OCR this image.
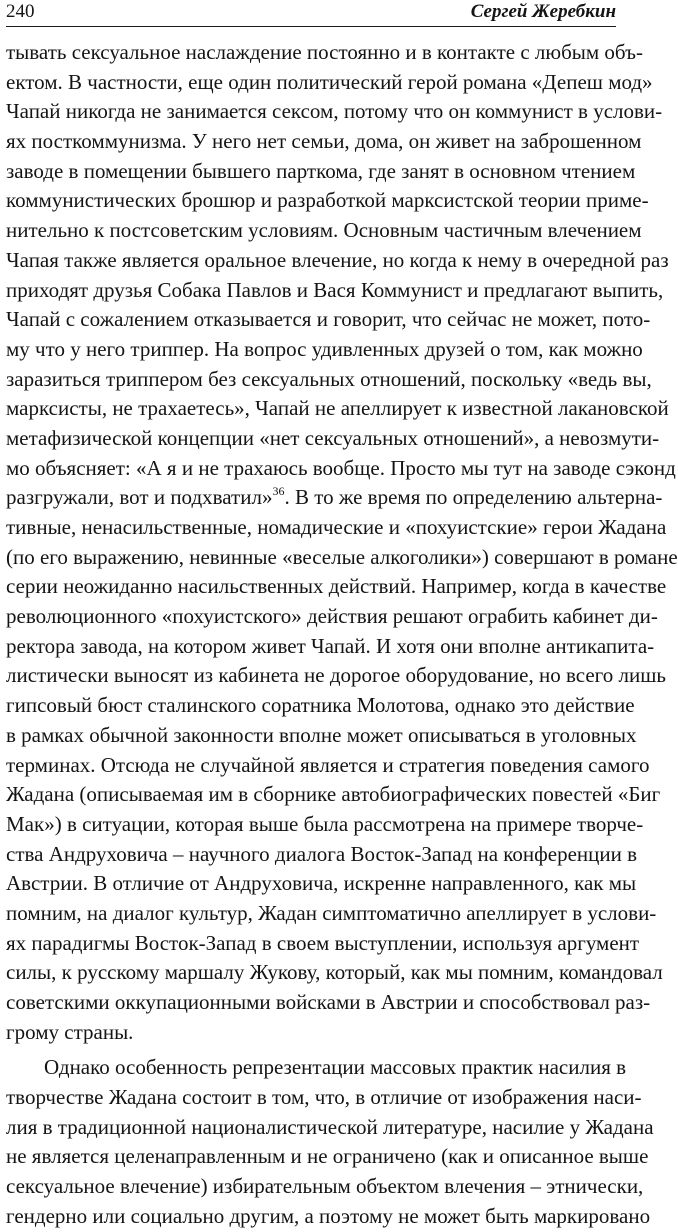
240	Сергей Жеребкин
тывать сексуальное наслаждение постоянно и в контакте с любым объ-
ектом. В частности, еще один политический герой романа «Депеш мод»
Чапай никогда не занимается сексом, потому что он коммунист в услови-
ях посткоммунизма. У него нет семьи, дома, он живет на заброшенном
заводе в помещении бывшего парткома, где занят в основном чтением
коммунистических брошюр и разработкой марксистской теории приме-
нительно к постсоветским условиям. Основным частичным влечением
Чапая также является оральное влечение, но когда к нему в очередной раз
приходят друзья Собака Павлов и Вася Коммунист и предлагают выпить,
Чапай с сожалением отказывается и говорит, что сейчас не может, пото-
му что у него триппер. На вопрос удивленных друзей о том, как можно
заразиться триппером без сексуальных отношений, поскольку «ведь вы,
марксисты, не трахаетесь», Чапай не апеллирует к известной лакановской
метафизической концепции «нет сексуальных отношений», а невозмути-
мо объясняет: «А я и не трахаюсь вообще. Просто мы тут на заводе сэконд
разгружали, вот и подхватил»$^{36}$. В то же время по определению альтерна-
тивные, ненасильственные, номадические и «похуистские» герои Жадана
(по его выражению, невинные «веселые алкоголики») совершают в романе
серии неожиданно насильственных действий. Например, когда в качестве
революционного «похуистского» действия решают ограбить кабинет ди-
ректора завода, на котором живет Чапай. И хотя они вполне антикапита-
листически выносят из кабинета не дорогое оборудование, но всего лишь
гипсовый бюст сталинского соратника Молотова, однако это действие
в рамках обычной законности вполне может описываться в уголовных
терминах. Отсюда не случайной является и стратегия поведения самого
Жадана (описываемая им в сборнике автобиографических повестей «Биг
Мак») в ситуации, которая выше была рассмотрена на примере творче-
ства Андруховича – научного диалога Восток-Запад на конференции в
Австрии. В отличие от Андруховича, искренне направленного, как мы
помним, на диалог культур, Жадан симптоматично апеллирует в услови-
ях парадигмы Восток-Запад в своем выступлении, используя аргумент
силы, к русскому маршалу Жукову, который, как мы помним, командовал
советскими оккупационными войсками в Австрии и способствовал раз-
грому страны.
Однако особенность репрезентации массовых практик насилия в
творчестве Жадана состоит в том, что, в отличие от изображения наси-
лия в традиционной националистической литературе, насилие у Жадана
не является целенаправленным и не ограничено (как и описанное выше
сексуальное влечение) избирательным объектом влечения – этнически,
гендерно или социально другим, а поэтому не может быть маркировано
